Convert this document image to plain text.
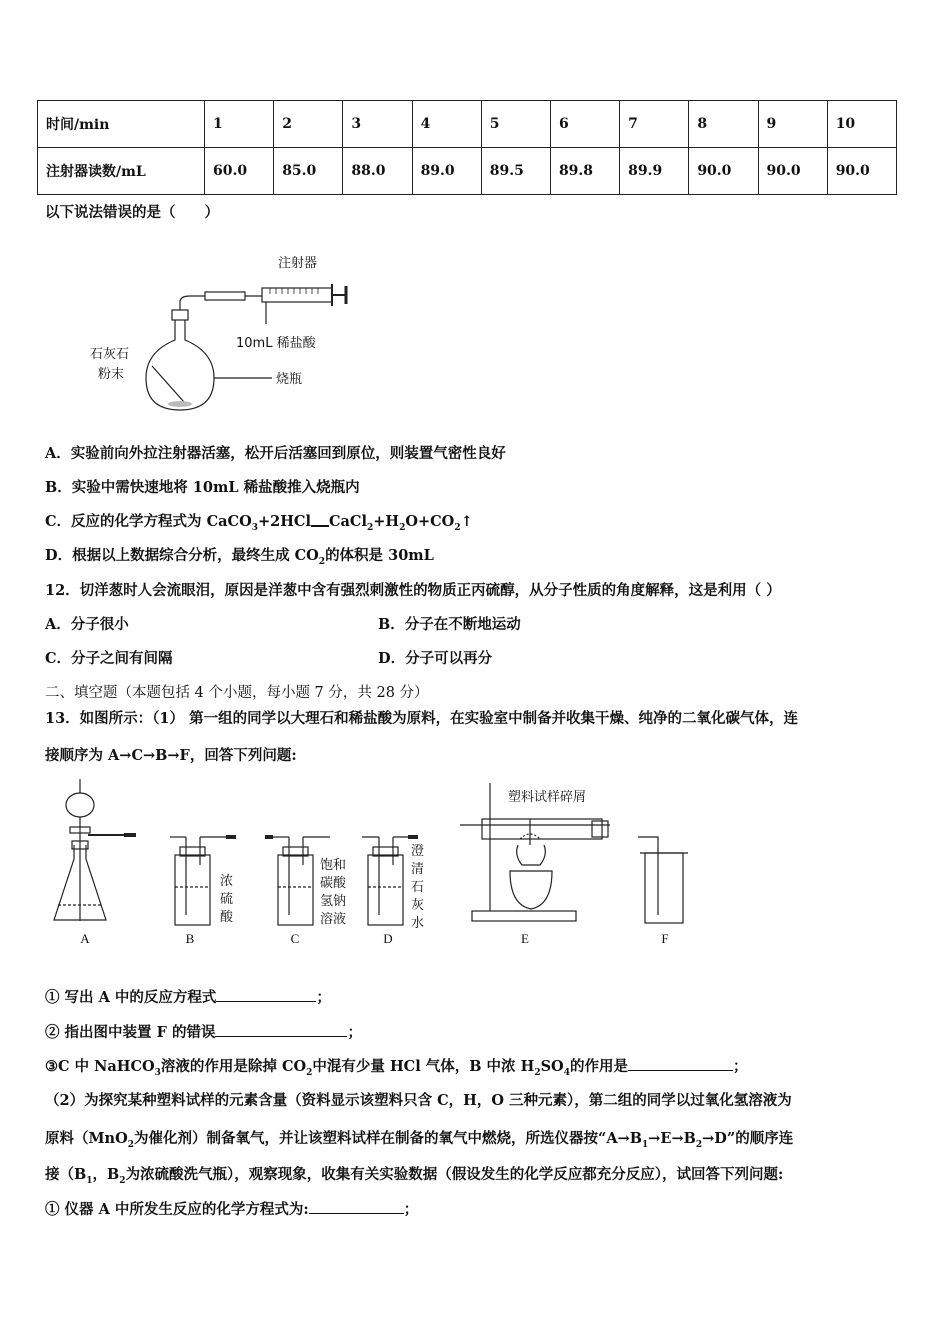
时间/min	1	2	3	4	5	6	7	8	9	10
注射器读数/mL	60.0	85.0	88.0	89.0	89.5	89.8	89.9	90.0	90.0	90.0
以下说法错误的是（　　）
注射器
10mL 稀盐酸
石灰石
粉末	烧瓶
A．实验前向外拉注射器活塞，松开后活塞回到原位，则装置气密性良好
B．实验中需快速地将 10mL 稀盐酸推入烧瓶内
C．反应的化学方程式为 CaCO$_3$+2HCl $CaCl_2+H_2O+CO_2↑$
D．根据以上数据综合分析，最终生成 $CO_2$的体积是 30mL
12．切洋葱时人会流眼泪，原因是洋葱中含有强烈刺激性的物质正丙硫醇，从分子性质的角度解释，这是利用（ ）
A．分子很小	B．分子在不断地运动
C．分子之间有间隔	D．分子可以再分
二、填空题（本题包括 4 个小题，每小题 7 分，共 28 分）
13．如图所示：（1） 第一组的同学以大理石和稀盐酸为原料，在实验室中制备并收集干燥、纯净的二氧化碳气体，连
接顺序为 A→C→B→F，回答下列问题:
A	B	C	D	E	F
浓
硫
酸
饱和
碳酸
氢钠
溶液
澄
清
石
灰
水
塑料试样碎屑
① 写出 A 中的反应方程式	；
② 指出图中装置 F 的错误	；
③C 中 NaHCO$_3$溶液的作用是除掉 $CO_2$中混有少量 HCl 气体，B 中浓 $H_2SO_4$的作用是	；
（2）为探究某种塑料试样的元素含量（资料显示该塑料只含 C，H，O 三种元素），第二组的同学以过氧化氢溶液为
原料（MnO$_2$为催化剂）制备氧气，并让该塑料试样在制备的氧气中燃烧，所选仪器按“$A\to B_1\to E\to B_2\to D$”的顺序连
接（$B_1$，$B_2$为浓硫酸洗气瓶），观察现象，收集有关实验数据（假设发生的化学反应都充分反应），试回答下列问题:
① 仪器 A 中所发生反应的化学方程式为:	；
